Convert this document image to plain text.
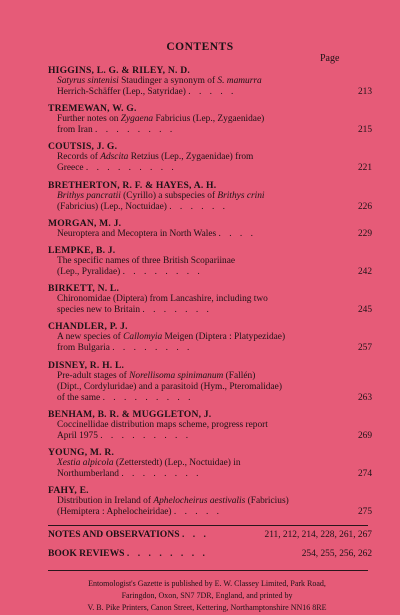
CONTENTS
Page
HIGGINS, L. G. & RILEY, N. D.
Satyrus sintenisi Staudinger a synonym of S. mamurra
Herrich-Schäffer (Lep., Satyridae) . . . . .	213
TREMEWAN, W. G.
Further notes on Zygaena Fabricius (Lep., Zygaenidae)
from Iran . . . . . . . .	215
COUTSIS, J. G.
Records of Adscita Retzius (Lep., Zygaenidae) from
Greece . . . . . . . . .	221
BRETHERTON, R. F. & HAYES, A. H.
Brithys pancratii (Cyrillo) a subspecies of Brithys crini
(Fabricius) (Lep., Noctuidae) . . . . . .	226
MORGAN, M. J.
Neuroptera and Mecoptera in North Wales . . . .	229
LEMPKE, B. J.
The specific names of three British Scopariinae
(Lep., Pyralidae) . . . . . . . .	242
BIRKETT, N. L.
Chironomidae (Diptera) from Lancashire, including two
species new to Britain . . . . . . .	245
CHANDLER, P. J.
A new species of Callomyia Meigen (Diptera : Platypezidae)
from Bulgaria . . . . . . . .	257
DISNEY, R. H. L.
Pre-adult stages of Norellisoma spinimanum (Fallén)
(Dipt., Cordyluridae) and a parasitoid (Hym., Pteromalidae)
of the same . . . . . . . . .	263
BENHAM, B. R. & MUGGLETON, J.
Coccinellidae distribution maps scheme, progress report
April 1975 . . . . . . . . .	269
YOUNG, M. R.
Xestia alpicola (Zetterstedt) (Lep., Noctuidae) in
Northumberland . . . . . . . .	274
FAHY, E.
Distribution in Ireland of Aphelocheirus aestivalis (Fabricius)
(Hemiptera : Aphelocheiridae) . . . . .	275
Entomologist's Gazette is published by E. W. Classey Limited, Park Road,
Faringdon, Oxon, SN7 7DR, England, and printed by
V. B. Pike Printers, Canon Street, Kettering, Northamptonshire NN16 8RE
NOTES AND OBSERVATIONS . . .	211, 212, 214, 228, 261, 267
BOOK REVIEWS . . . . . . . .	254, 255, 256, 262
